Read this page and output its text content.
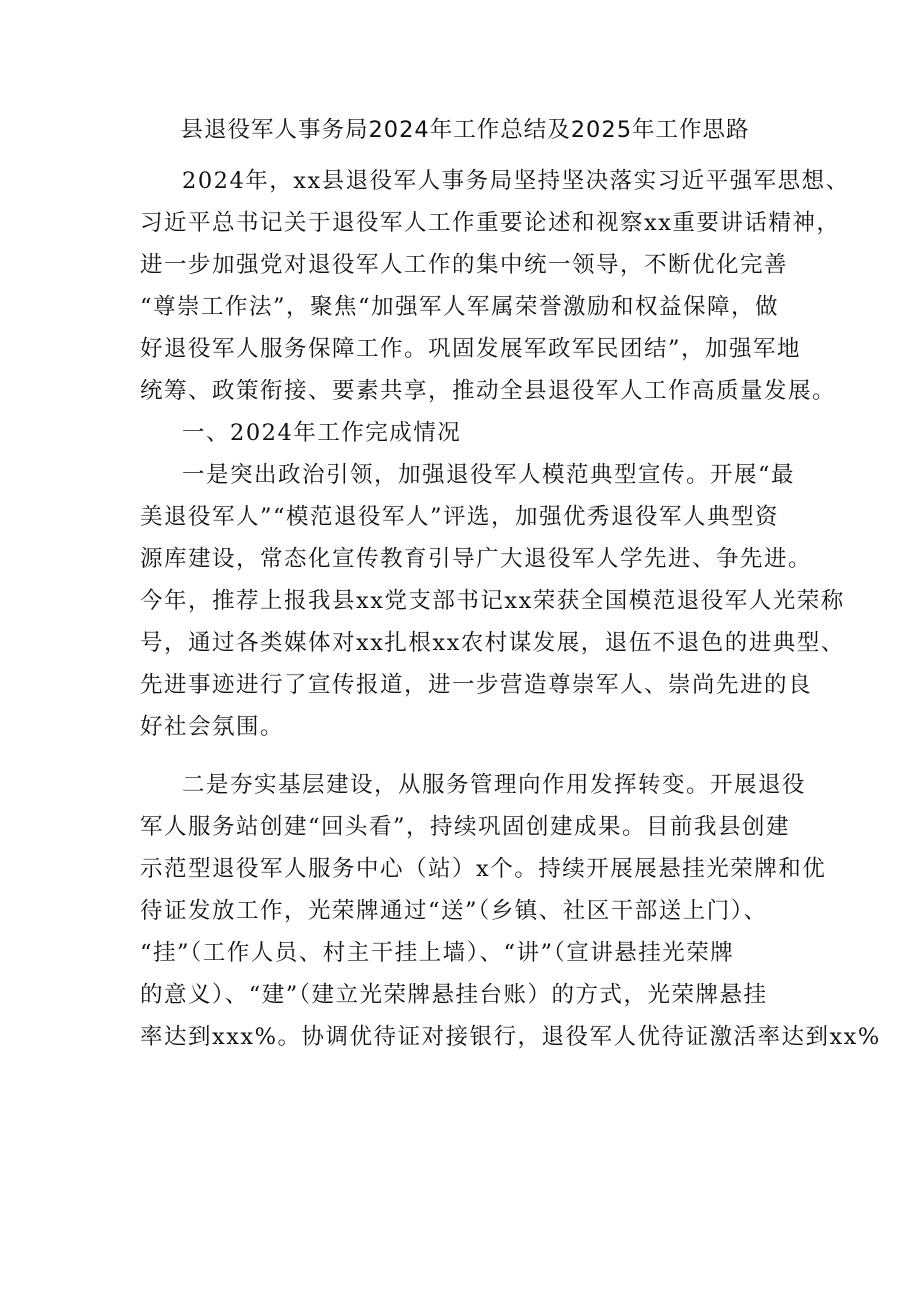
县退役军人事务局2024年工作总结及2025年工作思路
2024年，xx县退役军人事务局坚持坚决落实习近平强军思想、
习近平总书记关于退役军人工作重要论述和视察xx重要讲话精神，
进一步加强党对退役军人工作的集中统一领导，不断优化完善
“尊崇工作法”，聚焦“加强军人军属荣誉激励和权益保障，做
好退役军人服务保障工作。巩固发展军政军民团结”，加强军地
统筹、政策衔接、要素共享，推动全县退役军人工作高质量发展。
一、2024年工作完成情况
一是突出政治引领，加强退役军人模范典型宣传。开展“最
美退役军人”“模范退役军人”评选，加强优秀退役军人典型资
源库建设，常态化宣传教育引导广大退役军人学先进、争先进。
今年，推荐上报我县xx党支部书记xx荣获全国模范退役军人光荣称
号，通过各类媒体对xx扎根xx农村谋发展，退伍不退色的进典型、
先进事迹进行了宣传报道，进一步营造尊崇军人、崇尚先进的良
好社会氛围。
二是夯实基层建设，从服务管理向作用发挥转变。开展退役
军人服务站创建“回头看”，持续巩固创建成果。目前我县创建
示范型退役军人服务中心（站）x个。持续开展展悬挂光荣牌和优
待证发放工作，光荣牌通过“送”（乡镇、社区干部送上门）、
“挂”（工作人员、村主干挂上墙）、“讲”（宣讲悬挂光荣牌
的意义）、“建”（建立光荣牌悬挂台账）的方式，光荣牌悬挂
率达到xxx%。协调优待证对接银行，退役军人优待证激活率达到xx%
